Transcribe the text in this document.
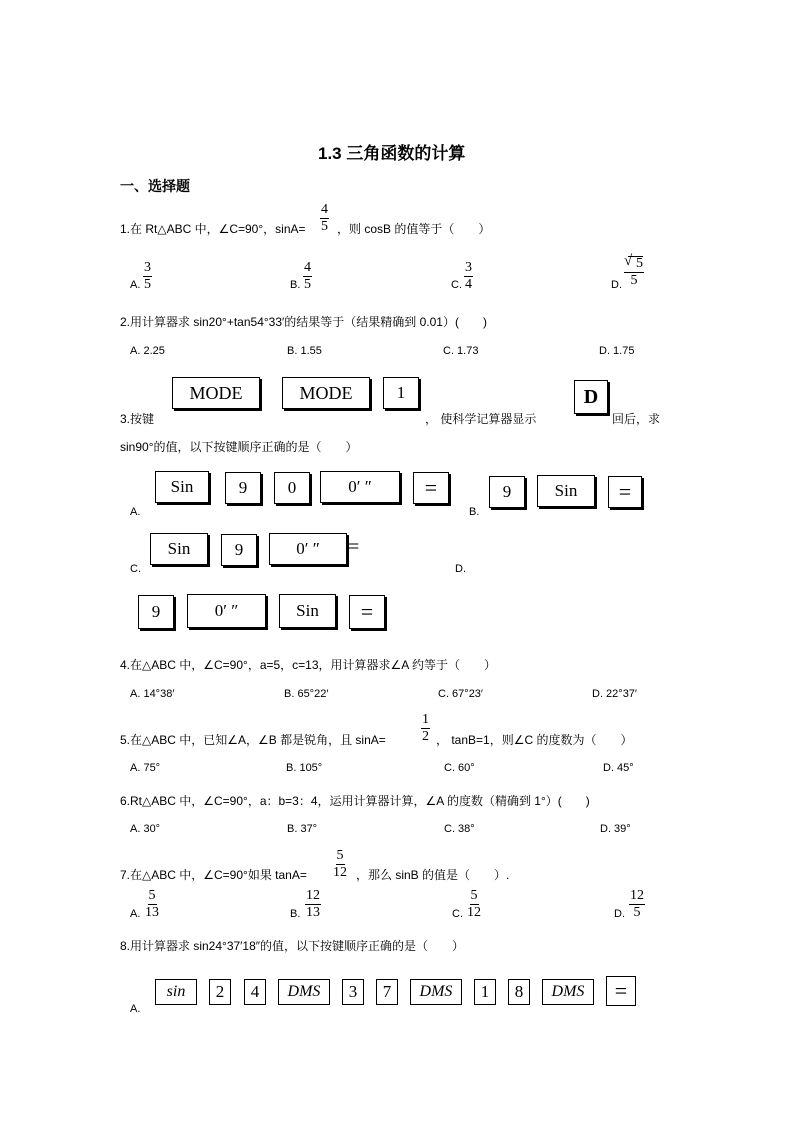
1.3 三角函数的计算
一、选择题
1.在 Rt△ABC 中，∠C=90°，$\sin A= \frac{4}{5}$ ，则 cosB 的值等于（　　）
A. $\frac{3}{5}$	B. $\frac{4}{5}$	C. $\frac{3}{4}$	D.
√ $\frac{5}{5}$
2.用计算器求 sin20°+tan54°33′的结果等于（结果精确到 0.01）(　　)
A. 2.25	B. 1.55	C. 1.73	D. 1.75
3.按键
MODE	MODE	1
， 使科学记算器显示
D
回后，求
sin90°的值，以下按键顺序正确的是（　　）
A.
Sin	9	0	0′ ″	=
B.
9	Sin	=
C.
Sin	9	0′ ″	=
D.
9	0′ ″	Sin	=
4.在△ABC 中，∠C=90°，a=5，c=13，用计算器求∠A 约等于（　　）
A. 14°38′	B. 65°22′	C. 67°23′	D. 22°37′
5.在△ABC 中，已知∠A，∠B 都是锐角，且 sinA=	$\frac{1}{2}$ ， tanB=1，则∠C 的度数为（　　）
A. 75°	B. 105°	C. 60°	D. 45°
6.Rt△ABC 中，∠C=90°，a：b=3：4，运用计算器计算，∠A 的度数（精确到 1°）(　　)
A. 30°	B. 37°	C. 38°	D. 39°
7.在△ABC 中，∠C=90°如果 $\tan A= \frac{5}{12}$ ，那么 sinB 的值是（　　）.
A. $\frac{5}{13}$	B. $\frac{12}{13}$	C. $\frac{5}{12}$	D. $\frac{12}{5}$
8.用计算器求 sin24°37′18″的值，以下按键顺序正确的是（　　）
A.
sin	2	4	DMS	3	7	DMS	1	8	DMS	=
